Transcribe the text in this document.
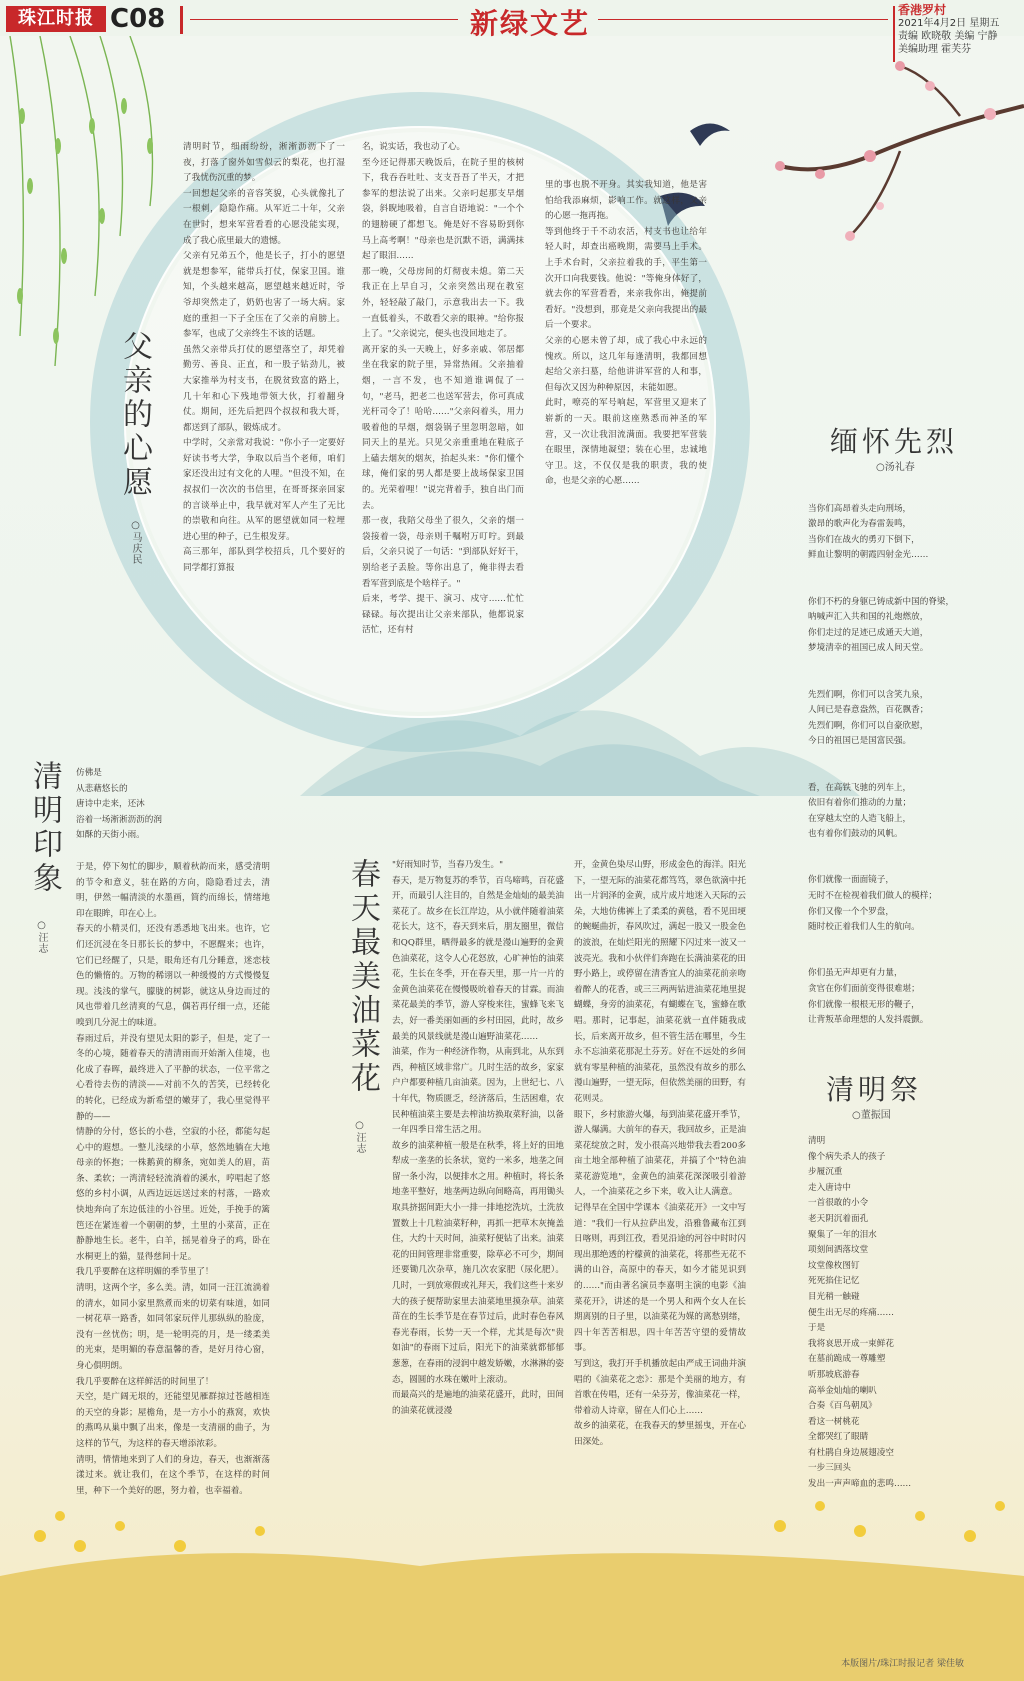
珠江时报 C08	新绿文艺	香港罗村
2021年4月2日 星期五
责编 欧晓敬 美编 宁静
美编助理 霍芙芬
父亲的心愿
○马庆民
清明时节，细雨纷纷，淅淅沥沥下了一夜，打落了窗外如雪似云的梨花，也打湿了我忧伤沉重的梦。
一回想起父亲的音容笑貌，心头就像扎了一根刺，隐隐作痛。从军近二十年，父亲在世时，想来军营看看的心愿没能实现，成了我心底里最大的遗憾。
父亲有兄弟五个，他是长子，打小的愿望就是想参军，能带兵打仗，保家卫国。谁知，个头越来越高，愿望越来越近时，爷爷却突然走了，奶奶也害了一场大病。家庭的重担一下子全压在了父亲的肩膀上。参军，也成了父亲终生不该的话题。
虽然父亲带兵打仗的愿望落空了，却凭着勤劳、善良、正直，和一股子钻劲儿，被大家推举为村支书，在脱贫致富的路上，几十年和心下残地带领大伙，打着翻身仗。期间，还先后把四个叔叔和我大哥，都送到了部队，锻炼成才。
中学时，父亲常对我说："你小子一定要好好读书考大学，争取以后当个老师，咱们家还没出过有文化的人哩。"但没不知，在叔叔们一次次的书信里，在哥哥探亲回家的言谈举止中，我早就对军人产生了无比的崇敬和向往。从军的愿望就如同一粒埋进心里的种子，已生根发芽。
高三那年，部队到学校招兵，几个要好的同学都打算报
名，说实话，我也动了心。
至今还记得那天晚饭后，在院子里的核树下，我吞吞吐吐、支支吾吾了半天，才把参军的想法说了出来。父亲叼起那支早烟袋，斜睨地吸着，自言自语地说："一个个的翅膀硬了都想飞。俺是好不容易盼到你马上高考啊！"母亲也是沉默不语，满满抹起了眼泪……
那一晚，父母房间的灯彻夜未熄。第二天我正在上早自习，父亲突然出现在教室外，轻轻敲了敲门，示意我出去一下。我一直低着头，不敢看父亲的眼神。"给你报上了。"父亲说完，便头也没回地走了。
离开家的头一天晚上，好多亲戚、邻居都坐在我家的院子里，异常热闹。父亲抽着烟，一言不发，也不知道谁调侃了一句，"老马，把老二也送军营去，你可真成光杆司令了！哈哈……"父亲闷着头，用力吸着他的早烟，烟袋锅子里忽明忽暗，如同天上的星光。只见父亲重重地在鞋底子上磕去烟灰的烟灰，抬起头来："你们懂个球，俺们家的男人都是要上战场保家卫国的。光荣着哩！"说完背着手，独自出门而去。
那一夜，我陪父母坐了很久，父亲的烟一袋接着一袋，母亲则千嘱咐万叮咛。到最后，父亲只说了一句话："到部队好好干，别给老子丢脸。等你出息了，俺非得去看看军营到底是个啥样子。"
后来，考学、提干、演习、戍守……忙忙碌碌。每次提出让父亲来部队，他都说家活忙，还有村
里的事也脱不开身。其实我知道，他是害怕给我添麻烦，影响工作。就这样，父亲的心愿一拖再拖。
等到他终于千不动农活，村支书也让给年轻人时，却查出癌晚期，需要马上手术。上手术台时，父亲拉着我的手，平生第一次开口向我要钱。他说："等俺身体好了，就去你的军营看看，来亲我你出，俺提前看好。"没想到，那竟是父亲向我提出的最后一个要求。
父亲的心愿未曾了却，成了我心中永远的愧疚。所以，这几年每逢清明，我都回想起给父亲扫墓，给他讲讲军营的人和事，但每次又因为种种原因，未能如愿。
此时，嘹亮的军号响起，军营里又迎来了崭新的一天。眼前这座熟悉而神圣的军营，又一次让我泪流满面。我要把军营装在眼里，深情地凝望；装在心里，忠诚地守卫。这，不仅仅是我的职责，我的使命，也是父亲的心愿……
缅怀先烈
○汤礼春

当你们高昂着头走向刑场，
激昂的歌声化为春雷轰鸣，
当你们在战火的勇刃下倒下，
鲜血让黎明的朝霞四射金光……

你们不朽的身躯已铸成新中国的脊梁，
呐喊声汇入共和国的礼炮燃放，
你们走过的足迹已成通天大道，
梦境清幸的祖国已成人间天堂。

先烈们啊，你们可以含笑九泉，
人间已是春意盎然，百花飘香；
先烈们啊，你们可以自豪欣慰，
今日的祖国已是国富民强。

看，在高铁飞驰的列车上，
依旧有着你们推动的力量；
在穿越太空的人造飞船上，
也有着你们鼓动的风帆。

你们就像一面面镜子，
无时不在检视着我们做人的模样；
你们又像一个个罗盘，
随时校正着我们人生的航向。

你们虽无声却更有力量，
贪官在你们面前变得很难堪；
你们就像一根根无形的鞭子，
让背叛革命理想的人发抖震颤。

清明祭
○董振国
清明
像个病失杀人的孩子
步履沉重
走入唐诗中
一首很敢的小令
老天阴沉着面孔
聚集了一年的泪水
项刻间洒落坟堂
坟堂像枚图钉
死死掐住记忆
目光稍一触碰
便生出无尽的疼痛……
于是
我将哀思开成一束鲜花
在墓前跪成一尊雕塑
听那坡底游春
高举金灿灿的喇叭
合奏《百鸟朝凤》
看这一树桃花
全都哭红了眼睛
有杜鹃自身边展翅凌空
一步三回头
发出一声声啼血的悲鸣……
清明印象
○汪志
仿佛是
从悲藉悠长的
唐诗中走来，还沐
浴着一场淅淅沥沥的润
如酥的天街小雨。
于是，停下匆忙的脚步，顺着秋韵而来，感受清明的节令和意义，驻在路的方向，隐隐看过去，清明，伊然一幅清淡的水墨画，简约而绵长，情绪地印在眼眸，印在心上。
春天的小精灵们，还没有悉悉地飞出来。也许，它们还沉浸在冬日那长长的梦中，不愿醒来；也许，它们已经醒了，只是，眼角还有几分睡意，迷恋枝色的懒惰的。万物的稀诩以一种缓慢的方式慢慢复现。浅浅的掌气，朦胧的树影，就这从身边而过的风也带着几丝清爽的气息，偶若再仔细一点，还能嗅到几分泥土的味道。
春雨过后，并没有望见太阳的影子，但是，定了一冬的心境，随着春天的清清雨而开始渐入佳境，也化成了春晖，最终进入了平静的状态，一位平常之心看待去伤的清淡——对前不久的苦笑，已经转化的转化，已经成为新希望的嫩芽了，我心里觉得平静的——
情静的分付，悠长的小巷，空寂的小径，都能勾起心中的遐想。一整儿浅绿的小草，悠然地躺在大地母亲的怀抱；一株鹅黄的柳条，宛如美人的眉，苗条、柔软；一湾清轻轻流淌着的溪水，哼唱起了悠悠的乡村小调，从西边远远送过来的村落，一路欢快地奔向了东边低洼的小谷里。近处，手挽手的篱笆还在紧连着一个朝朝的梦，土里的小菜苗，正在静静地生长。老牛，白羊，摇晃着身子的鸡，卧在水桐更上的猫，显得慈间十足。
我几乎要醉在这样明媚的季节里了！
清明，这两个字，多么美。清，如同一汪江流淌着的清水，如同小家里熬煮而来的切菜有味道，如同一树花草一路香，如同邻家玩伴儿那纵纵的脸庞，没有一丝忧伤；明，是一轮明亮的月，是一缕柔美的光束，是明媚的春意温馨的香，是好月待心窗，身心俱明朗。
我几乎要醉在这样鲜活的时间里了！
天空，是广阔无垠的，还能望见雁群掠过苍越相连的天空的身影；屋檐角，是一方小小的燕窝，欢快的燕鸣从巢中飘了出来，像是一支清丽的曲子，为这样的节气，为这样的春天增添浓彩。
清明，情情地来到了人们的身边，春天，也渐渐荡漾过来。就让我们，在这个季节，在这样的时间里，种下一个美好的愿，努力着，也幸福着。
春天最美油菜花
○汪志
"好雨知时节，当春乃发生。"
春天，是万物复苏的季节，百鸟啼鸣，百花盛开，而最引人注目的，自然是金灿灿的最美油菜花了。故乡在长江岸边，从小就伴随着油菜花长大，这不，春天到来后，朋友圈里，微信和QQ群里，晒得最多的就是漫山遍野的金黄色油菜花，这令人心花怒放，心旷神怡的油菜花，生长在冬季，开在春天里，那一片一片的金黄色油菜花在慢慢吸吮着春天的甘霖。而油菜花最美的季节，游人穿梭来往，蜜蜂飞来飞去，好一番美丽如画的乡村田园，此时，故乡最美的风景线就是漫山遍野油菜花……
油菜，作为一种经济作物，从南到北，从东到西，种植区域非常广。几时生活的故乡，家家户户都要种植几亩油菜。因为，上世纪七、八十年代，物质匮乏，经济落后，生活困难，农民种植油菜主要是去榨油坊换取菜籽油，以备一年四季日常生活之用。
故乡的油菜种植一般是在秋季，将上好的田地犁成一垄垄的长条状，宽约一米多，地垄之间留一条小沟，以便排水之用。种植时，将长条地垄平整好，地垄两边纵向间略高，再用锄头取具挤据间距大小一排一排地挖洗坑，土洗放置数上十几粒油菜籽种，再抓一把草木灰掩盖住，大约十天时间，油菜籽便钻了出来。油菜花的田间管理非常重要，除草必不可少，期间还要锄几次杂草，施几次农家肥（尿化肥）。几时，一到放寒假或礼拜天，我们这些十来岁大的孩子便帮助家里去油菜地里摸杂草。油菜苗在的生长季节是在春节过后，此时春色春风春光春雨，长势一天一个样，尤其是每次"贵如油"的春雨下过后，阳光下的油菜就都郁郁葱葱，在春雨的浸润中越发娇嫩，水淋淋的姿态，圆圆的水珠在嫩叶上滚动。
而最高兴的是遍地的油菜花盛开，此时，田间的油菜花就浸漫
开，金黄色染尽山野，形成金色的海洋。阳光下，一望无际的油菜花都笃笃，翠色欲滴中托出一片润泽的金黄，成片成片地迷入天际的云朵，大地仿佛裤上了柔柔的黄毯，看不见田埂的蜿蜒曲折，春风吹过，满起一股又一股金色的波浪，在灿烂阳光的照耀下闪过来一波又一波亮光。我和小伙伴们奔跑在长满油菜花的田野小路上，或停留在清香宜人的油菜花前亲吻着醉人的花香，或三三两两钻进油菜花地里捉蝴蝶，身旁的油菜花，有蝴蝶在飞，蜜蜂在歌唱。那时，记事起，油菜花就一直伴随我成长，后来离开故乡，但不管生活在哪里，今生永不忘油菜花那泥土芬芳。好在不远处的乡间就有零星种植的油菜花，虽然没有故乡的那么漫山遍野，一望无际，但依然美丽的田野，有花则灵。
眼下，乡村旅游火爆，每到油菜花盛开季节，游人爆满。大前年的春天，我回故乡，正是油菜花绽放之时，发小很高兴地带我去看200多亩土地全部种植了油菜花，并搞了个"特色油菜花游览地"，金黄色的油菜花深深吸引着游人，一个油菜花之乡下来，收入让人满意。
记得早在全国中学课本《油菜花开》一文中写道："我们一行从拉萨出发，沿雅鲁藏布江到日喀则，再到江孜，看见沿途的河谷中时时闪现出那绝透的柠檬黄的油菜花，将那些无花不满的山谷，高原中的春天，如今才能见识到的……"而由著名演员李嘉明主演的电影《油菜花开》，讲述的是一个男人和两个女人在长期离别的日子里，以油菜花为媒的离愁别绪，四十年苦苦相思，四十年苦苦守望的爱情故事。
写到这，我打开手机播放起由严成王词曲并演唱的《油菜花之恋》：那是个美丽的地方，有首歌在传唱，还有一朵芬芳，像油菜花一样，带着动人诗章，留在人们心上……
故乡的油菜花，在我春天的梦里摇曳，开在心田深处。
本版图片/珠江时报记者 梁佳敏
